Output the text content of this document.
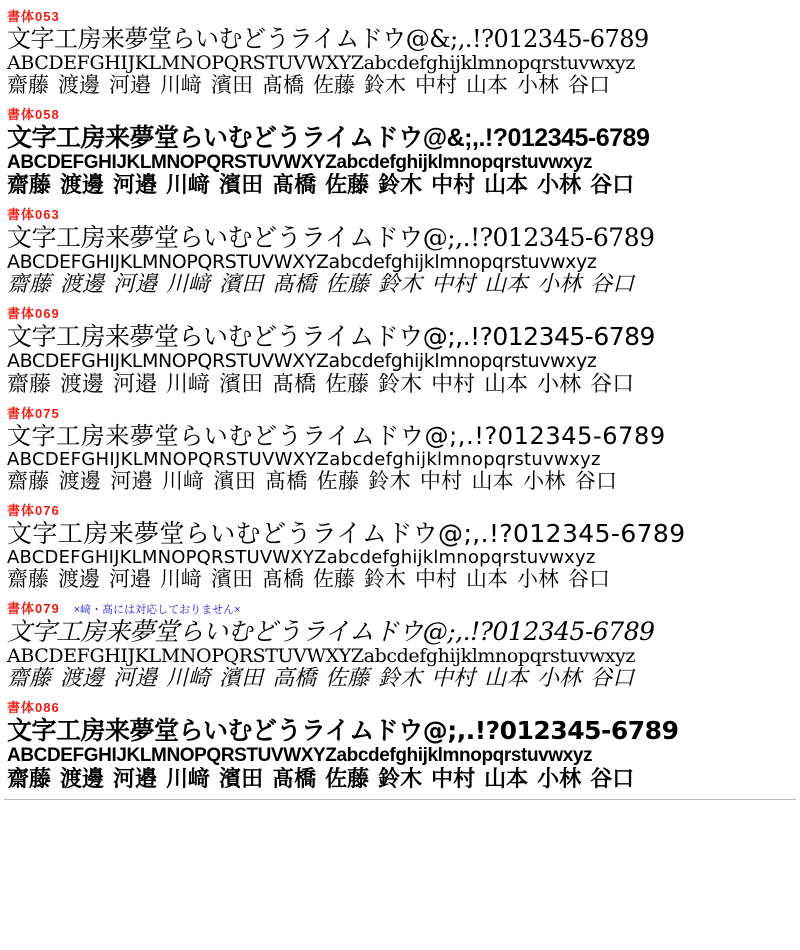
書体053
文字工房来夢堂らいむどうライムドウ@&;,.!?012345-6789
ABCDEFGHIJKLMNOPQRSTUVWXYZabcdefghijklmnopqrstuvwxyz
齋藤 渡邊 河邉 川﨑 濱田 髙橋 佐藤 鈴木 中村 山本 小林 谷口
書体058
文字工房来夢堂らいむどうライムドウ@&;,.!?012345-6789
ABCDEFGHIJKLMNOPQRSTUVWXYZabcdefghijklmnopqrstuvwxyz
齋藤 渡邊 河邉 川﨑 濱田 髙橋 佐藤 鈴木 中村 山本 小林 谷口
書体063
文字工房来夢堂らいむどうライムドウ@;,.!?012345-6789
ABCDEFGHIJKLMNOPQRSTUVWXYZabcdefghijklmnopqrstuvwxyz
齋藤 渡邊 河邉 川﨑 濱田 髙橋 佐藤 鈴木 中村 山本 小林 谷口
書体069
文字工房来夢堂らいむどうライムドウ@;,.!?012345-6789
ABCDEFGHIJKLMNOPQRSTUVWXYZabcdefghijklmnopqrstuvwxyz
齋藤 渡邊 河邉 川﨑 濱田 髙橋 佐藤 鈴木 中村 山本 小林 谷口
書体075
文字工房来夢堂らいむどうライムドウ@;,.!?012345-6789
ABCDEFGHIJKLMNOPQRSTUVWXYZabcdefghijklmnopqrstuvwxyz
齋藤 渡邊 河邉 川﨑 濱田 髙橋 佐藤 鈴木 中村 山本 小林 谷口
書体076
文字工房来夢堂らいむどうライムドウ@;,.!?012345-6789
ABCDEFGHIJKLMNOPQRSTUVWXYZabcdefghijklmnopqrstuvwxyz
齋藤 渡邊 河邉 川﨑 濱田 髙橋 佐藤 鈴木 中村 山本 小林 谷口
書体079 ×﨑・髙には対応しておりません×
文字工房来夢堂らいむどうライムドウ@;,.!?012345-6789
ABCDEFGHIJKLMNOPQRSTUVWXYZabcdefghijklmnopqrstuvwxyz
齋藤 渡邊 河邉 川崎 濱田 高橋 佐藤 鈴木 中村 山本 小林 谷口
書体086
文字工房来夢堂らいむどうライムドウ@;,.!?012345-6789
ABCDEFGHIJKLMNOPQRSTUVWXYZabcdefghijklmnopqrstuvwxyz
齋藤 渡邊 河邉 川﨑 濱田 髙橋 佐藤 鈴木 中村 山本 小林 谷口
